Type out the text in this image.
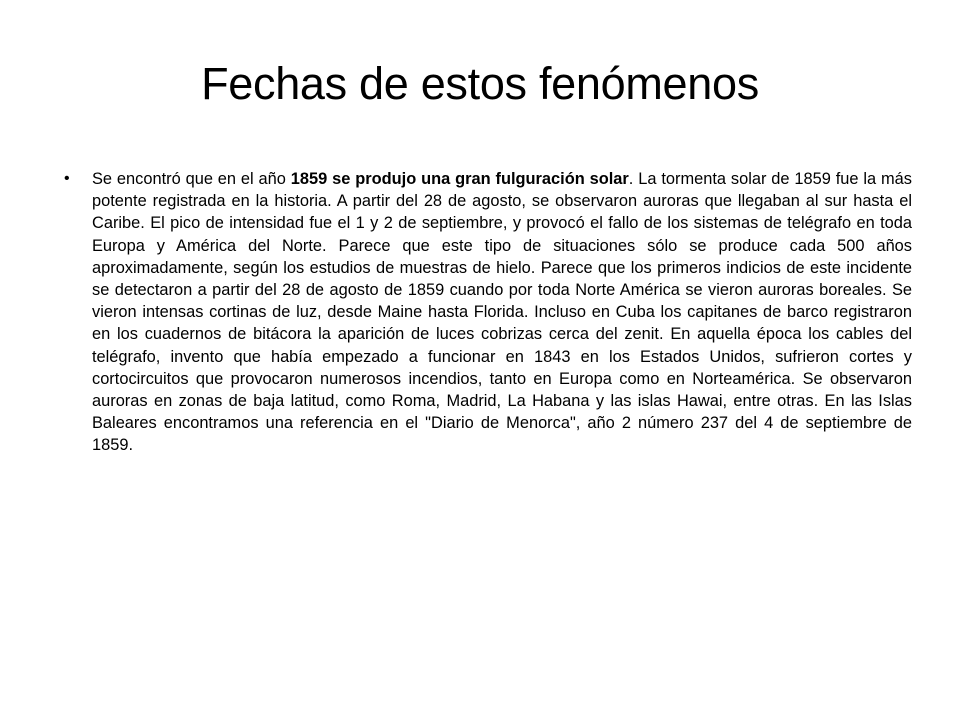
Fechas de estos fenómenos
• Se encontró que en el año 1859 se produjo una gran fulguración solar. La tormenta solar de 1859 fue la más potente registrada en la historia. A partir del 28 de agosto, se observaron auroras que llegaban al sur hasta el Caribe. El pico de intensidad fue el 1 y 2 de septiembre, y provocó el fallo de los sistemas de telégrafo en toda Europa y América del Norte. Parece que este tipo de situaciones sólo se produce cada 500 años aproximadamente, según los estudios de muestras de hielo. Parece que los primeros indicios de este incidente se detectaron a partir del 28 de agosto de 1859 cuando por toda Norte América se vieron auroras boreales. Se vieron intensas cortinas de luz, desde Maine hasta Florida. Incluso en Cuba los capitanes de barco registraron en los cuadernos de bitácora la aparición de luces cobrizas cerca del zenit. En aquella época los cables del telégrafo, invento que había empezado a funcionar en 1843 en los Estados Unidos, sufrieron cortes y cortocircuitos que provocaron numerosos incendios, tanto en Europa como en Norteamérica. Se observaron auroras en zonas de baja latitud, como Roma, Madrid, La Habana y las islas Hawai, entre otras. En las Islas Baleares encontramos una referencia en el "Diario de Menorca", año 2 número 237 del 4 de septiembre de 1859.
